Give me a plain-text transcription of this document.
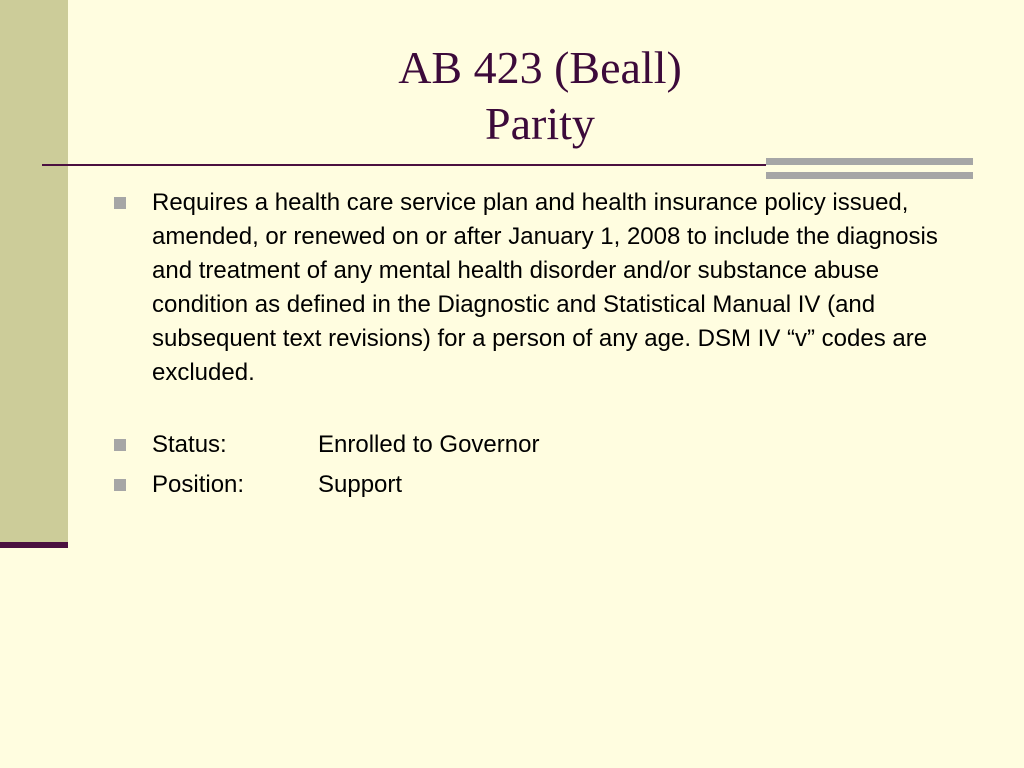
AB 423 (Beall)
Parity
Requires a health care service plan and health insurance policy issued, amended, or renewed on or after January 1, 2008 to include the diagnosis and treatment of any mental health disorder and/or substance abuse condition as defined in the Diagnostic and Statistical Manual IV (and subsequent text revisions) for a person of any age. DSM IV “v” codes are excluded.
Status:	Enrolled to Governor
Position:	Support
